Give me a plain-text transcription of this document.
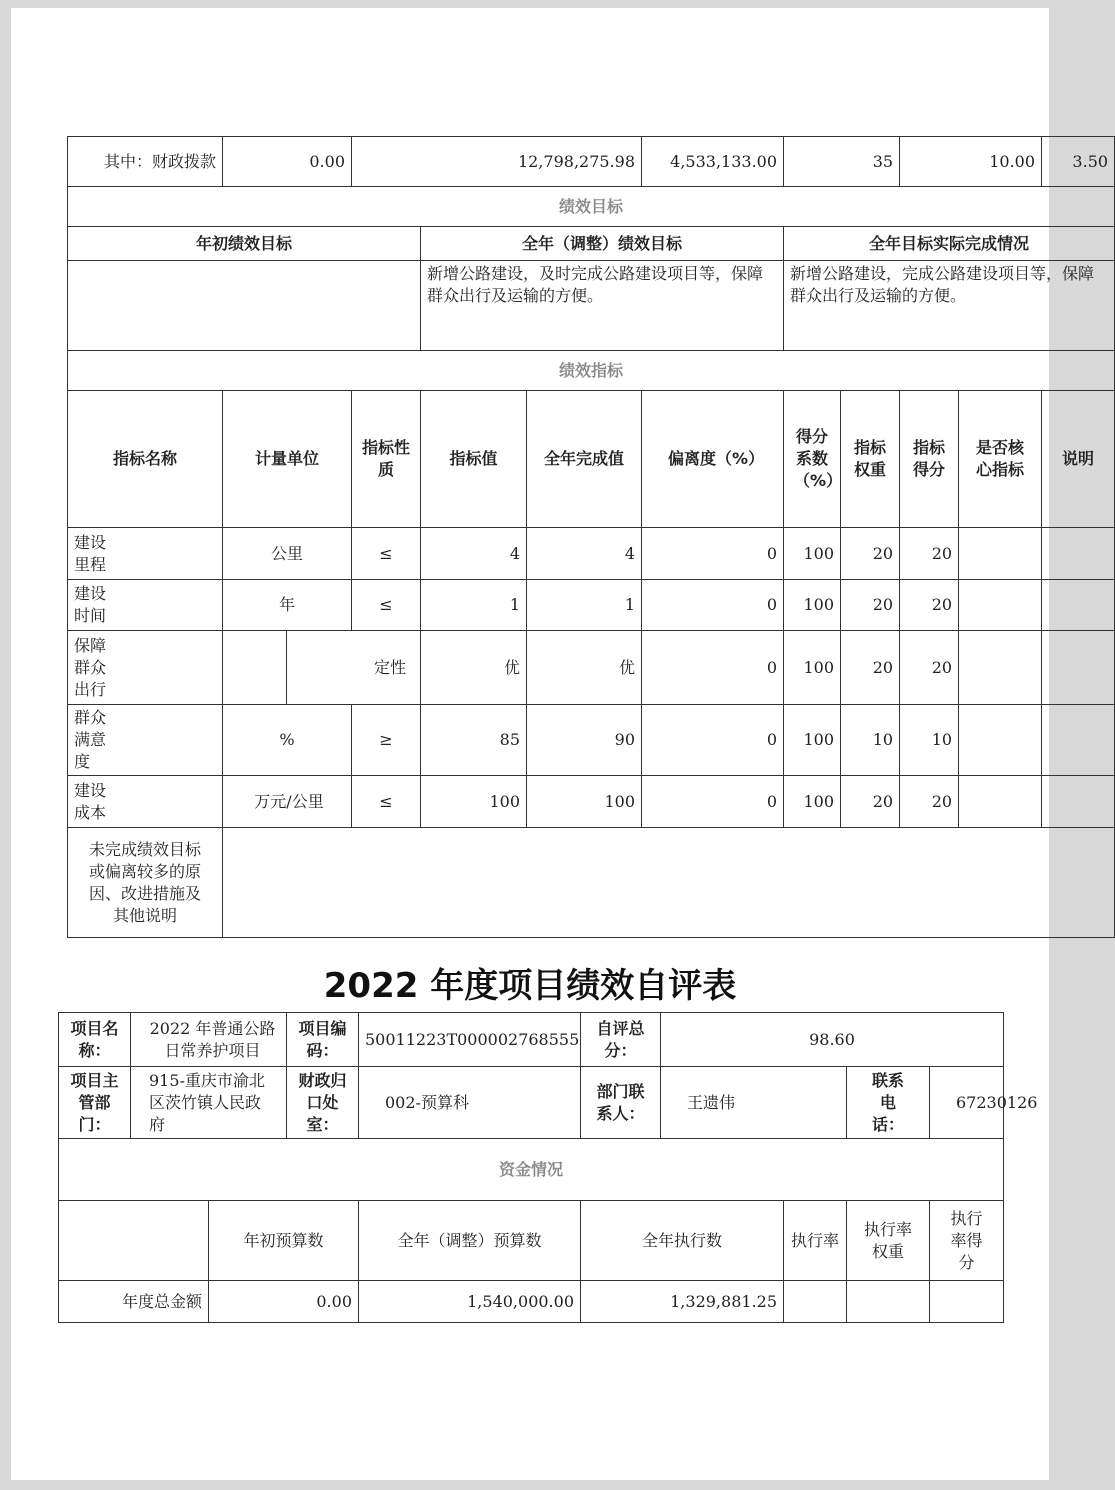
其中：财政拨款	0.00		12,798,275.98			4,533,133.00	35		10.00		3.50	
绩效目标												
年初绩效目标				全年（调整）绩效目标			全年目标实际完成情况					
				新增公路建设，及时完成公路建设项目等，保障群众出行及运输的方便。			新增公路建设，完成公路建设项目等，保障群众出行及运输的方便。					
绩效指标												
指标名称	计量单位		指标性质	指标值	全年完成值	偏离度（%）	得分系数（%）	指标权重	指标得分	是否核心指标	说明	
建设里程	公里		≤	4	4	0	100	20	20			
建设时间	年		≤	1	1	0	100	20	20			
保障群众出行		定性		优	优	0	100	20	20			
群众满意度	%		≥	85	90	0	100	10	10			
建设成本	万元/公里		≤	100	100	0	100	20	20			
未完成绩效目标或偏离较多的原因、改进措施及其他说明												
2022 年度项目绩效自评表
项目名称：	2022 年普通公路日常养护项目		项目编码：	50011223T000002768555	自评总分：	98.60			
项目主管部门：	915-重庆市渝北区茨竹镇人民政府		财政归口处室：	002-预算科	部门联系人：	王遗伟		联系电话：	67230126
资金情况									
		年初预算数		全年（调整）预算数	全年执行数		执行率	执行率权重	执行率得分
年度总金额		0.00		1,540,000.00	1,329,881.25				
